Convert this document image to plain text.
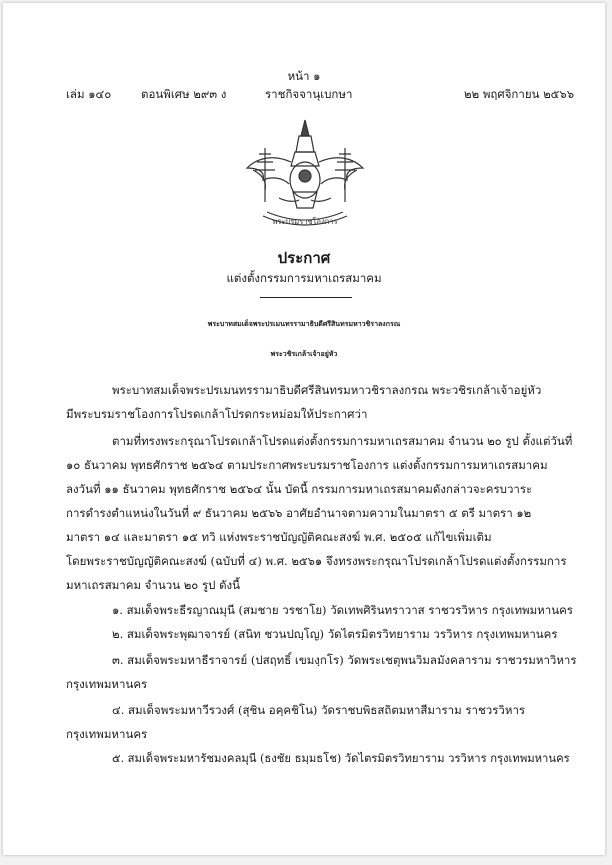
หน้า ๑
เล่ม ๑๔๐	ตอนพิเศษ ๒๙๓ ง	ราชกิจจานุเบกษา	๒๒ พฤศจิกายน ๒๕๖๖
พระบรมราชโองการ
ประกาศ
แต่งตั้งกรรมการมหาเถรสมาคม
พระบาทสมเด็จพระปรเมนทรรามาธิบดีศรีสินทรมหาวชิราลงกรณ
พระวชิรเกล้าเจ้าอยู่หัว
พระบาทสมเด็จพระปรเมนทรรามาธิบดีศรีสินทรมหาวชิราลงกรณ พระวชิรเกล้าเจ้าอยู่หัว
มีพระบรมราชโองการโปรดเกล้าโปรดกระหม่อมให้ประกาศว่า
ตามที่ทรงพระกรุณาโปรดเกล้าโปรดแต่งตั้งกรรมการมหาเถรสมาคม จำนวน ๒๐ รูป ตั้งแต่วันที่
๑๐ ธันวาคม พุทธศักราช ๒๕๖๔ ตามประกาศพระบรมราชโองการ แต่งตั้งกรรมการมหาเถรสมาคม
ลงวันที่ ๑๑ ธันวาคม พุทธศักราช ๒๕๖๔ นั้น บัดนี้ กรรมการมหาเถรสมาคมดังกล่าวจะครบวาระ
การดำรงตำแหน่งในวันที่ ๙ ธันวาคม ๒๕๖๖ อาศัยอำนาจตามความในมาตรา ๕ ตรี มาตรา ๑๒
มาตรา ๑๔ และมาตรา ๑๕ ทวิ แห่งพระราชบัญญัติคณะสงฆ์ พ.ศ. ๒๕๐๕ แก้ไขเพิ่มเติม
โดยพระราชบัญญัติคณะสงฆ์ (ฉบับที่ ๔) พ.ศ. ๒๕๖๑ จึงทรงพระกรุณาโปรดเกล้าโปรดแต่งตั้งกรรมการ
มหาเถรสมาคม จำนวน ๒๐ รูป ดังนี้
๑. สมเด็จพระธีรญาณมุนี (สมชาย วรชาโย) วัดเทพศิรินทราวาส ราชวรวิหาร กรุงเทพมหานคร
๒. สมเด็จพระพุฒาจารย์ (สนิท ชวนปญฺโญ) วัดไตรมิตรวิทยาราม วรวิหาร กรุงเทพมหานคร
๓. สมเด็จพระมหาธีราจารย์ (ปสฤทธิ์ เขมงฺกโร) วัดพระเชตุพนวิมลมังคลาราม ราชวรมหาวิหาร
กรุงเทพมหานคร
๔. สมเด็จพระมหาวีรวงศ์ (สุชิน อคฺคชิโน) วัดราชบพิธสถิตมหาสีมาราม ราชวรวิหาร
กรุงเทพมหานคร
๕. สมเด็จพระมหารัชมงคลมุนี (ธงชัย ธมฺมธโช) วัดไตรมิตรวิทยาราม วรวิหาร กรุงเทพมหานคร
